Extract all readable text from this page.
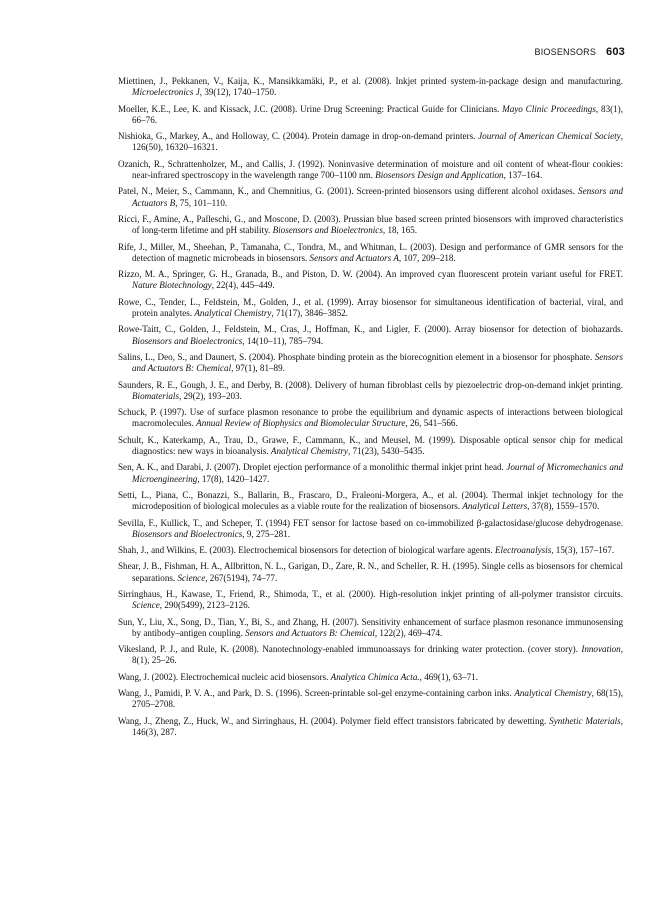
BIOSENSORS 603
Miettinen, J., Pekkanen, V., Kaija, K., Mansikkamäki, P., et al. (2008). Inkjet printed system-in-package design and manufacturing. Microelectronics J, 39(12), 1740–1750.
Moeller, K.E., Lee, K. and Kissack, J.C. (2008). Urine Drug Screening: Practical Guide for Clinicians. Mayo Clinic Proceedings, 83(1), 66–76.
Nishioka, G., Markey, A., and Holloway, C. (2004). Protein damage in drop-on-demand printers. Journal of American Chemical Society, 126(50), 16320–16321.
Ozanich, R., Schrattenholzer, M., and Callis, J. (1992). Noninvasive determination of moisture and oil content of wheat-flour cookies: near-infrared spectroscopy in the wavelength range 700–1100 nm. Biosensors Design and Application, 137–164.
Patel, N., Meier, S., Cammann, K., and Chemnitius, G. (2001). Screen-printed biosensors using different alcohol oxidases. Sensors and Actuators B, 75, 101–110.
Ricci, F., Amine, A., Palleschi, G., and Moscone, D. (2003). Prussian blue based screen printed biosensors with improved characteristics of long-term lifetime and pH stability. Biosensors and Bioelectronics, 18, 165.
Rife, J., Miller, M., Sheehan, P., Tamanaha, C., Tondra, M., and Whitman, L. (2003). Design and performance of GMR sensors for the detection of magnetic microbeads in biosensors. Sensors and Actuators A, 107, 209–218.
Rizzo, M. A., Springer, G. H., Granada, B., and Piston, D. W. (2004). An improved cyan fluorescent protein variant useful for FRET. Nature Biotechnology, 22(4), 445–449.
Rowe, C., Tender, L., Feldstein, M., Golden, J., et al. (1999). Array biosensor for simultaneous identification of bacterial, viral, and protein analytes. Analytical Chemistry, 71(17), 3846–3852.
Rowe-Taitt, C., Golden, J., Feldstein, M., Cras, J., Hoffman, K., and Ligler, F. (2000). Array biosensor for detection of biohazards. Biosensors and Bioelectronics, 14(10–11), 785–794.
Salins, L., Deo, S., and Daunert, S. (2004). Phosphate binding protein as the biorecognition element in a biosensor for phosphate. Sensors and Actuators B: Chemical, 97(1), 81–89.
Saunders, R. E., Gough, J. E., and Derby, B. (2008). Delivery of human fibroblast cells by piezoelectric drop-on-demand inkjet printing. Biomaterials, 29(2), 193–203.
Schuck, P. (1997). Use of surface plasmon resonance to probe the equilibrium and dynamic aspects of interactions between biological macromolecules. Annual Review of Biophysics and Biomolecular Structure, 26, 541–566.
Schult, K., Katerkamp, A., Trau, D., Grawe, F., Cammann, K., and Meusel, M. (1999). Disposable optical sensor chip for medical diagnostics: new ways in bioanalysis. Analytical Chemistry, 71(23), 5430–5435.
Sen, A. K., and Darabi, J. (2007). Droplet ejection performance of a monolithic thermal inkjet print head. Journal of Micromechanics and Microengineering, 17(8), 1420–1427.
Setti, L., Piana, C., Bonazzi, S., Ballarin, B., Frascaro, D., Fraleoni-Morgera, A., et al. (2004). Thermal inkjet technology for the microdeposition of biological molecules as a viable route for the realization of biosensors. Analytical Letters, 37(8), 1559–1570.
Sevilla, F., Kullick, T., and Scheper, T. (1994) FET sensor for lactose based on co-immobilized β-galactosidase/glucose dehydrogenase. Biosensors and Bioelectronics, 9, 275–281.
Shah, J., and Wilkins, E. (2003). Electrochemical biosensors for detection of biological warfare agents. Electroanalysis, 15(3), 157–167.
Shear, J. B., Fishman, H. A., Allbritton, N. L., Garigan, D., Zare, R. N., and Scheller, R. H. (1995). Single cells as biosensors for chemical separations. Science, 267(5194), 74–77.
Sirringhaus, H., Kawase, T., Friend, R., Shimoda, T., et al. (2000). High-resolution inkjet printing of all-polymer transistor circuits. Science, 290(5499), 2123–2126.
Sun, Y., Liu, X., Song, D., Tian, Y., Bi, S., and Zhang, H. (2007). Sensitivity enhancement of surface plasmon resonance immunosensing by antibody–antigen coupling. Sensors and Actuators B: Chemical, 122(2), 469–474.
Vikesland, P. J., and Rule, K. (2008). Nanotechnology-enabled immunoassays for drinking water protection. (cover story). Innovation, 8(1), 25–26.
Wang, J. (2002). Electrochemical nucleic acid biosensors. Analytica Chimica Acta., 469(1), 63–71.
Wang, J., Pamidi, P. V. A., and Park, D. S. (1996). Screen-printable sol-gel enzyme-containing carbon inks. Analytical Chemistry, 68(15), 2705–2708.
Wang, J., Zheng, Z., Huck, W., and Sirringhaus, H. (2004). Polymer field effect transistors fabricated by dewetting. Synthetic Materials, 146(3), 287.
